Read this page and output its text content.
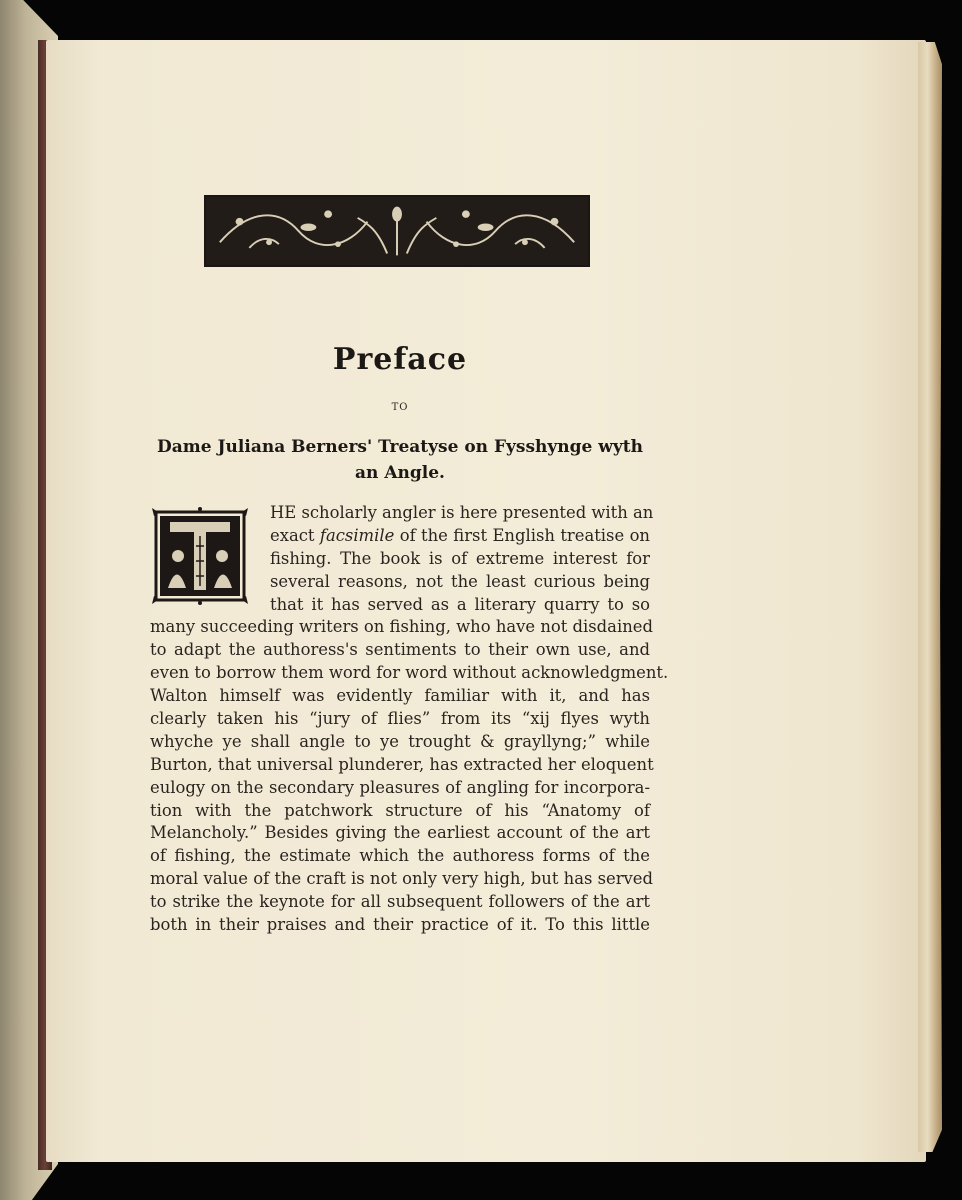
Preface
TO
Dame Juliana Berners' Treatyse on Fysshynge wyth
an Angle.
HE scholarly angler is here presented with an
exact facsimile of the first English treatise on
fishing. The book is of extreme interest for
several reasons, not the least curious being
that it has served as a literary quarry to so
many succeeding writers on fishing, who have not disdained
to adapt the authoress's sentiments to their own use, and
even to borrow them word for word without acknowledgment.
Walton himself was evidently familiar with it, and has
clearly taken his “jury of flies” from its “xij flyes wyth
whyche ye shall angle to ye trought & grayllyng;” while
Burton, that universal plunderer, has extracted her eloquent
eulogy on the secondary pleasures of angling for incorpora-
tion with the patchwork structure of his “Anatomy of
Melancholy.” Besides giving the earliest account of the art
of fishing, the estimate which the authoress forms of the
moral value of the craft is not only very high, but has served
to strike the keynote for all subsequent followers of the art
both in their praises and their practice of it. To this little
